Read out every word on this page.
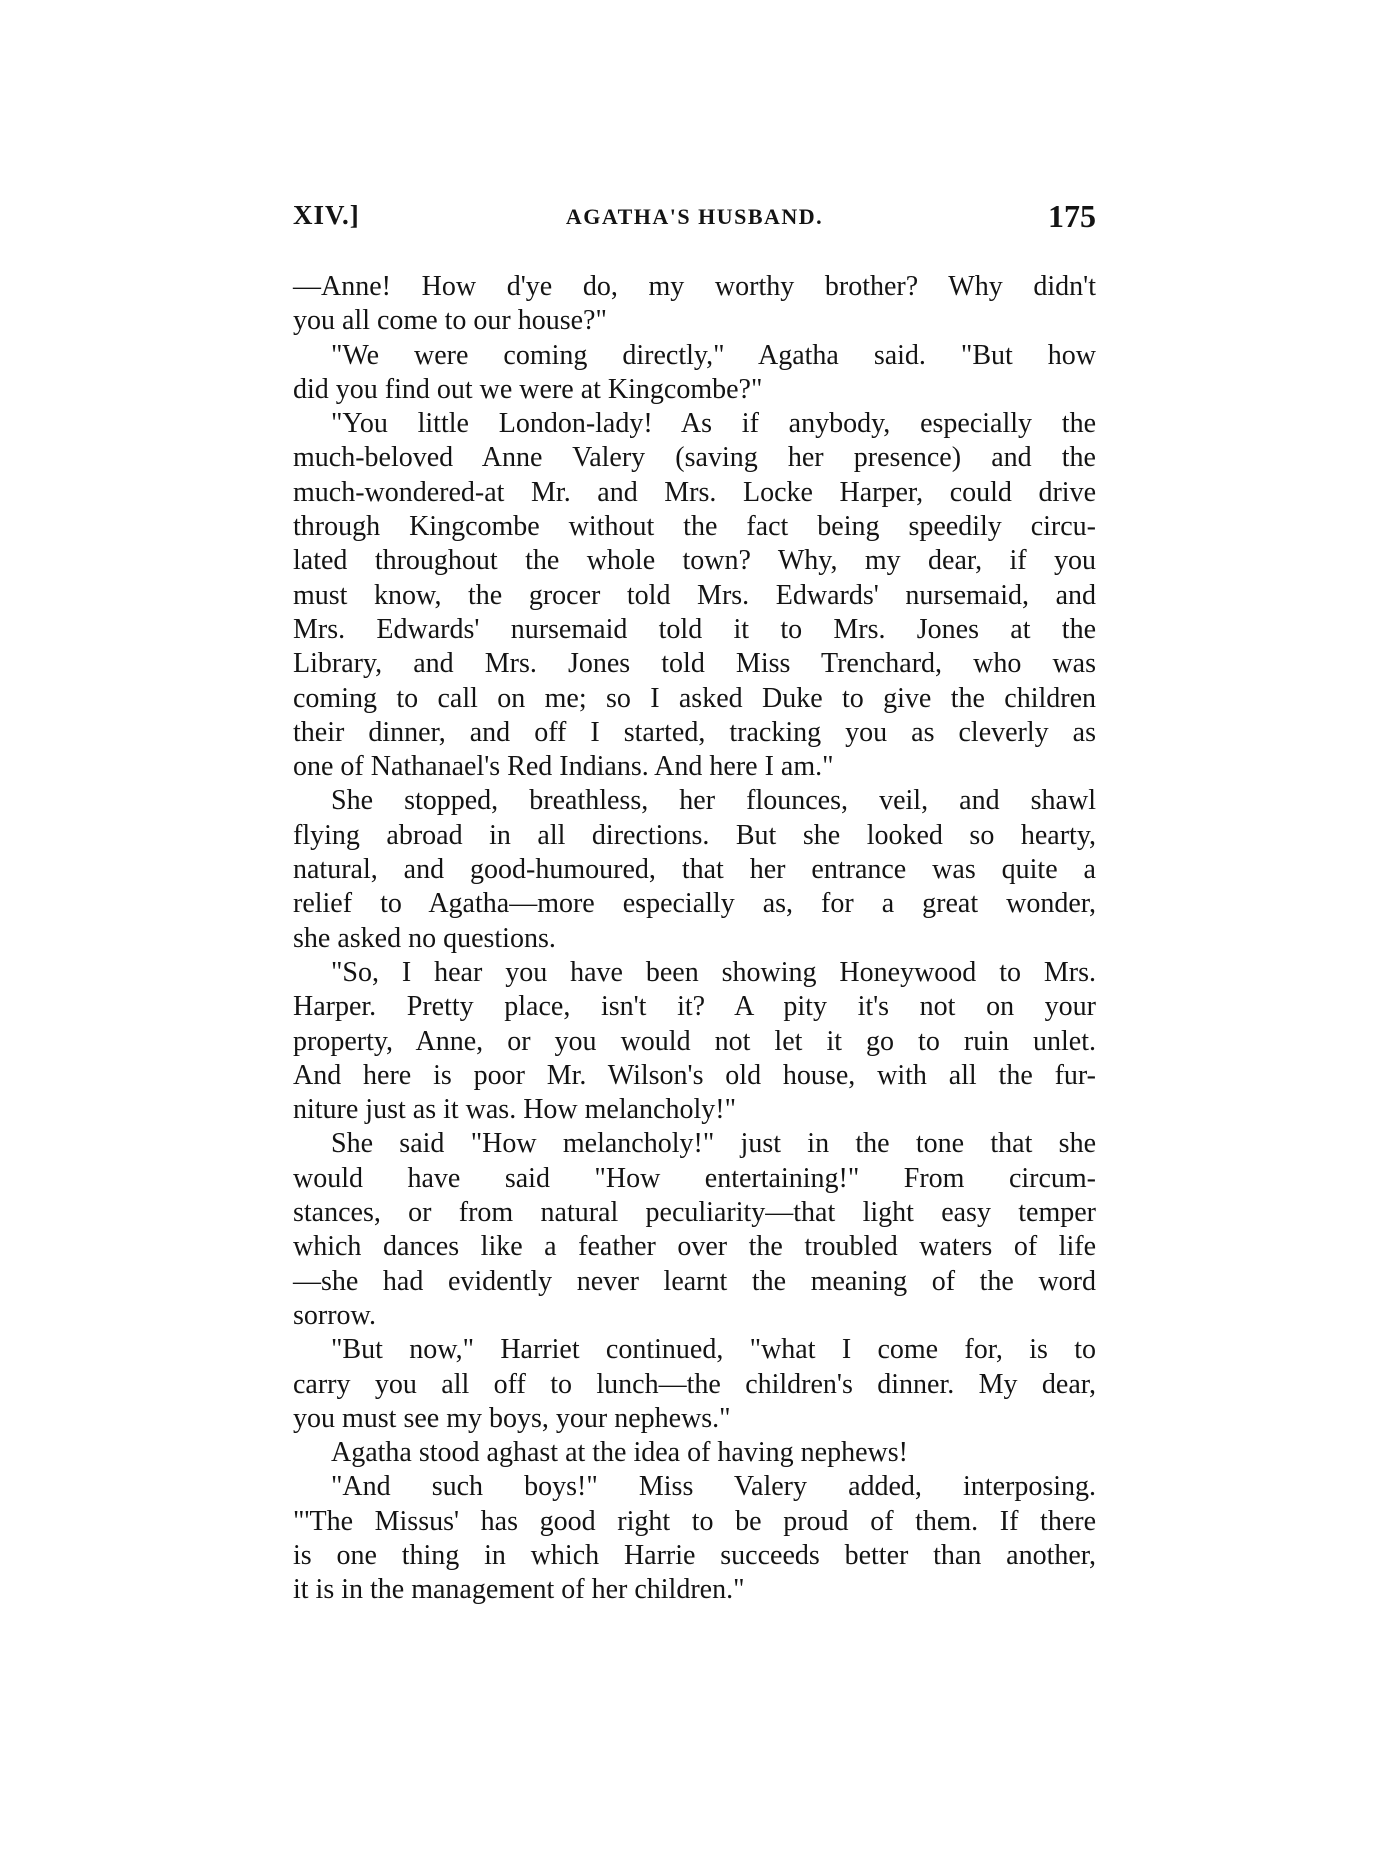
XIV.]	AGATHA'S HUSBAND.	175
—Anne! How d'ye do, my worthy brother? Why didn't
you all come to our house?"
"We were coming directly," Agatha said. "But how
did you find out we were at Kingcombe?"
"You little London-lady! As if anybody, especially the
much-beloved Anne Valery (saving her presence) and the
much-wondered-at Mr. and Mrs. Locke Harper, could drive
through Kingcombe without the fact being speedily circu-
lated throughout the whole town? Why, my dear, if you
must know, the grocer told Mrs. Edwards' nursemaid, and
Mrs. Edwards' nursemaid told it to Mrs. Jones at the
Library, and Mrs. Jones told Miss Trenchard, who was
coming to call on me; so I asked Duke to give the children
their dinner, and off I started, tracking you as cleverly as
one of Nathanael's Red Indians. And here I am."
She stopped, breathless, her flounces, veil, and shawl
flying abroad in all directions. But she looked so hearty,
natural, and good-humoured, that her entrance was quite a
relief to Agatha—more especially as, for a great wonder,
she asked no questions.
"So, I hear you have been showing Honeywood to Mrs.
Harper. Pretty place, isn't it? A pity it's not on your
property, Anne, or you would not let it go to ruin unlet.
And here is poor Mr. Wilson's old house, with all the fur-
niture just as it was. How melancholy!"
She said "How melancholy!" just in the tone that she
would have said "How entertaining!" From circum-
stances, or from natural peculiarity—that light easy temper
which dances like a feather over the troubled waters of life
—she had evidently never learnt the meaning of the word
sorrow.
"But now," Harriet continued, "what I come for, is to
carry you all off to lunch—the children's dinner. My dear,
you must see my boys, your nephews."
Agatha stood aghast at the idea of having nephews!
"And such boys!" Miss Valery added, interposing.
"'The Missus' has good right to be proud of them. If there
is one thing in which Harrie succeeds better than another,
it is in the management of her children."
